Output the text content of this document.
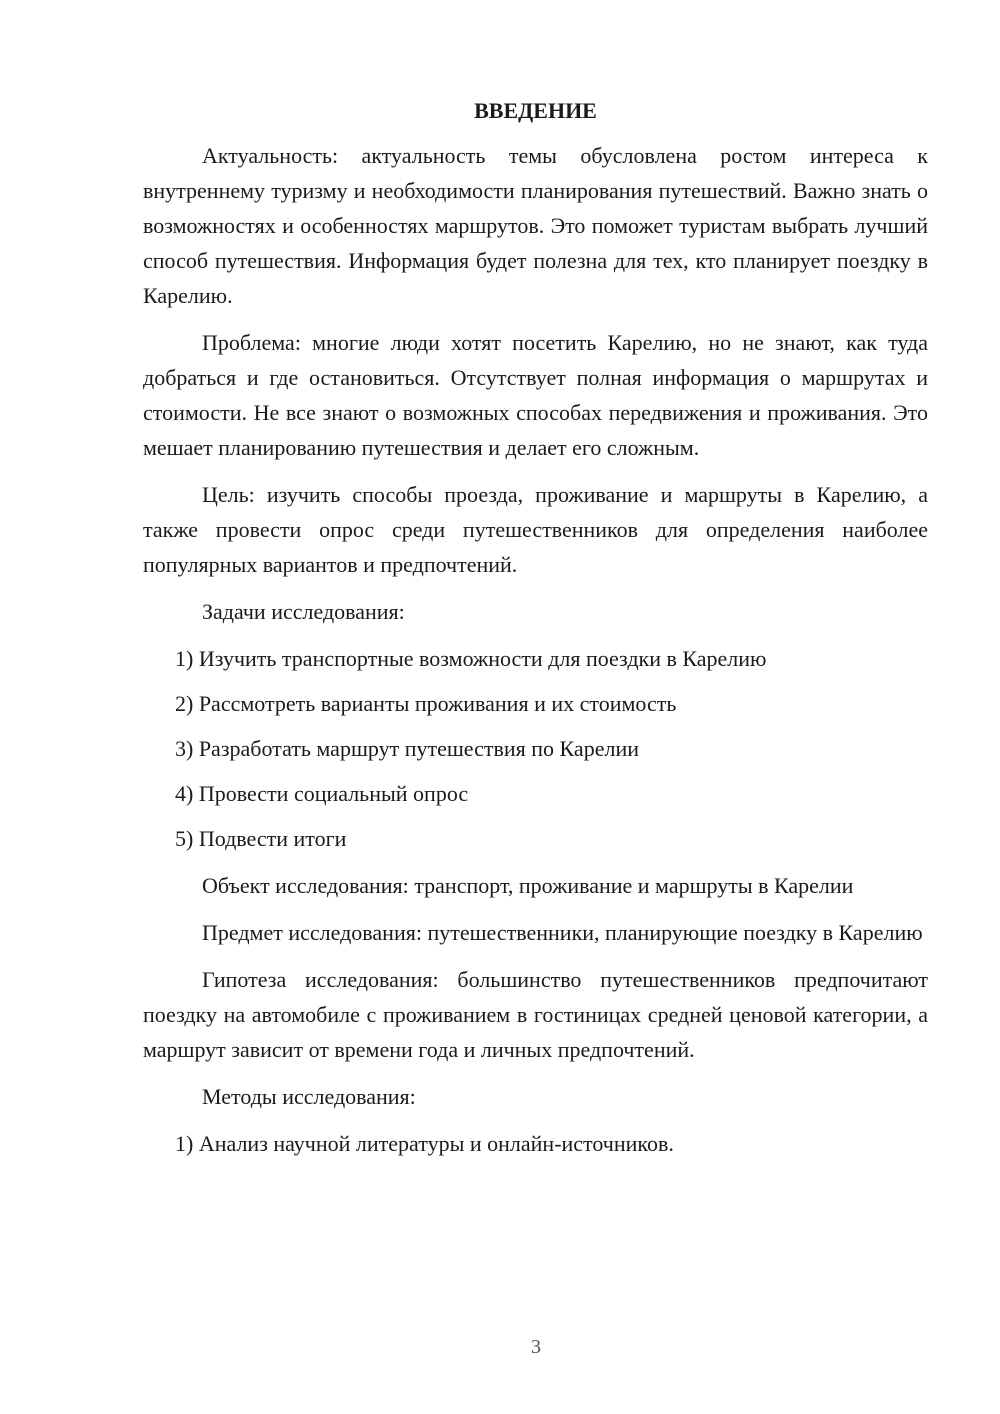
ВВЕДЕНИЕ

Актуальность: актуальность темы обусловлена ростом интереса к внутреннему туризму и необходимости планирования путешествий. Важно знать о возможностях и особенностях маршрутов. Это поможет туристам выбрать лучший способ путешествия. Информация будет полезна для тех, кто планирует поездку в Карелию.

Проблема: многие люди хотят посетить Карелию, но не знают, как туда добраться и где остановиться. Отсутствует полная информация о маршрутах и стоимости. Не все знают о возможных способах передвижения и проживания. Это мешает планированию путешествия и делает его сложным.

Цель: изучить способы проезда, проживание и маршруты в Карелию, а также провести опрос среди путешественников для определения наиболее популярных вариантов и предпочтений.

Задачи исследования:

1) Изучить транспортные возможности для поездки в Карелию
2) Рассмотреть варианты проживания и их стоимость
3) Разработать маршрут путешествия по Карелии
4) Провести социальный опрос
5) Подвести итоги

Объект исследования: транспорт, проживание и маршруты в Карелии

Предмет исследования: путешественники, планирующие поездку в Карелию

Гипотеза исследования: большинство путешественников предпочитают поездку на автомобиле с проживанием в гостиницах средней ценовой категории, а маршрут зависит от времени года и личных предпочтений.

Методы исследования:

1) Анализ научной литературы и онлайн-источников.
3
